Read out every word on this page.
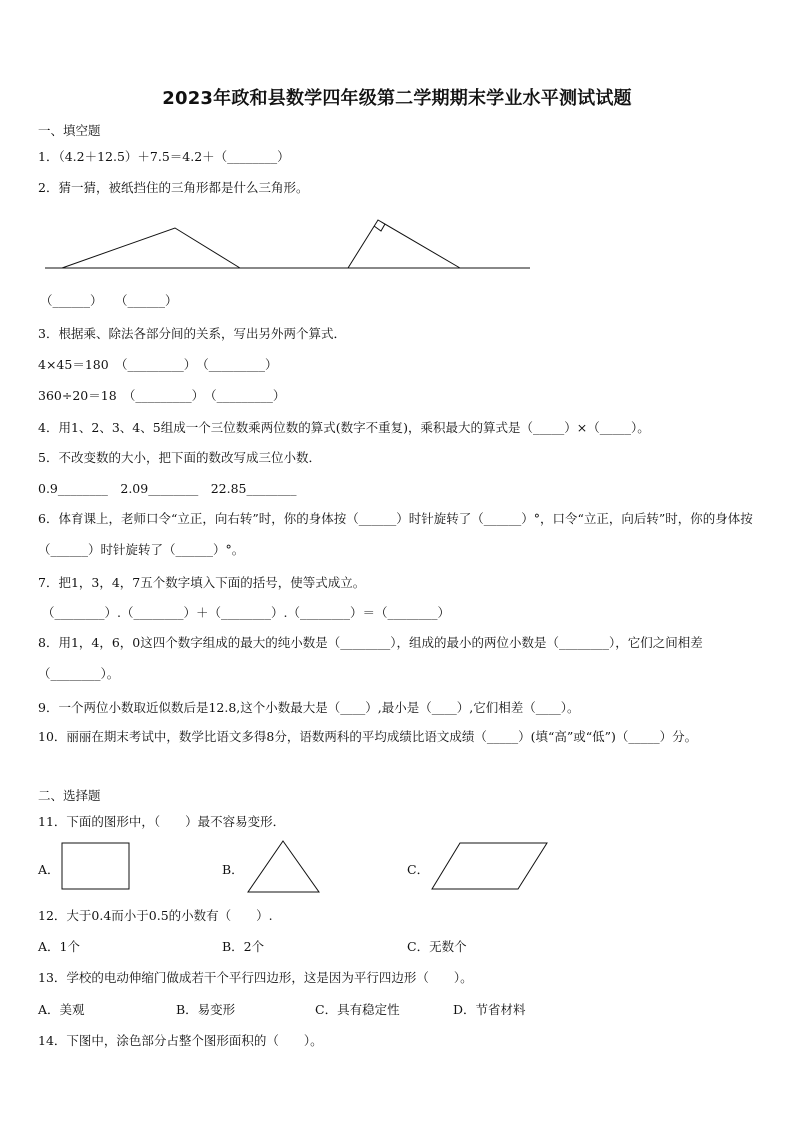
2023年政和县数学四年级第二学期期末学业水平测试试题
一、填空题
1．（4.2＋12.5）＋7.5＝4.2＋（________）
2．猜一猜，被纸挡住的三角形都是什么三角形。
（______）　　（______）
3．根据乘、除法各部分间的关系，写出另外两个算式．
4×45＝180　（_________）　（_________）
360÷20＝18　（_________）　（_________）
4．用1、2、3、4、5组成一个三位数乘两位数的算式(数字不重复)，乘积最大的算式是（_____）×（_____）。
5．不改变数的大小，把下面的数改写成三位小数．
0.9________　2.09________　22.85________
6．体育课上，老师口令“立正，向右转”时，你的身体按（______）时针旋转了（______）°，口令“立正，向后转”时，你的身体按（______）时针旋转了（______）°。
7．把1，3，4，7五个数字填入下面的括号，使等式成立。
（________）.（________）＋（________）.（________）＝（________）
8．用1，4，6，0这四个数字组成的最大的纯小数是（________），组成的最小的两位小数是（________），它们之间相差（________）。
9．一个两位小数取近似数后是12.8,这个小数最大是（____）,最小是（____）,它们相差（____）。
10．丽丽在期末考试中，数学比语文多得8分，语数两科的平均成绩比语文成绩（_____）(填“高”或“低”)（_____）分。
二、选择题
11．下面的图形中，（　　）最不容易变形．
A．	B．	C．
12．大于0.4而小于0.5的小数有（　　）.
A．1个	B．2个	C．无数个
13．学校的电动伸缩门做成若干个平行四边形，这是因为平行四边形（　　）。
A．美观	B．易变形	C．具有稳定性	D．节省材料
14．下图中，涂色部分占整个图形面积的（　　）。
